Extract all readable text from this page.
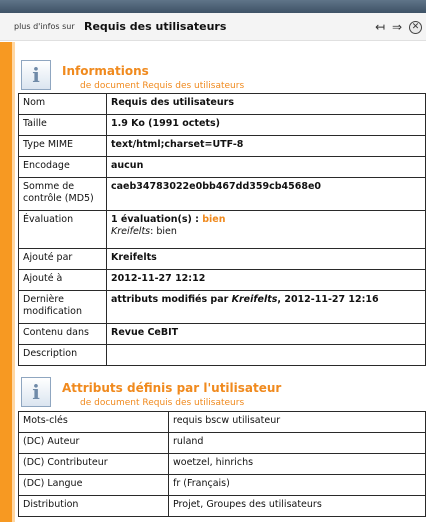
plus d'infos sur Requis des utilisateurs	↤ ⇒	✕
i	Informations
de document Requis des utilisateurs
Nom	Requis des utilisateurs
Taille	1.9 Ko (1991 octets)
Type MIME	text/html;charset=UTF-8
Encodage	aucun
Somme de contrôle (MD5)	caeb34783022e0bb467dd359cb4568e0
Évaluation	1 évaluation(s) : bien
Kreifelts: bien
Ajouté par	Kreifelts
Ajouté à	2012-11-27 12:12
Dernière modification	attributs modifiés par Kreifelts, 2012-11-27 12:16
Contenu dans	Revue CeBIT
Description	
i	Attributs définis par l'utilisateur
de document Requis des utilisateurs
Mots-clés	requis bscw utilisateur
(DC) Auteur	ruland
(DC) Contributeur	woetzel, hinrichs
(DC) Langue	fr (Français)
Distribution	Projet, Groupes des utilisateurs
